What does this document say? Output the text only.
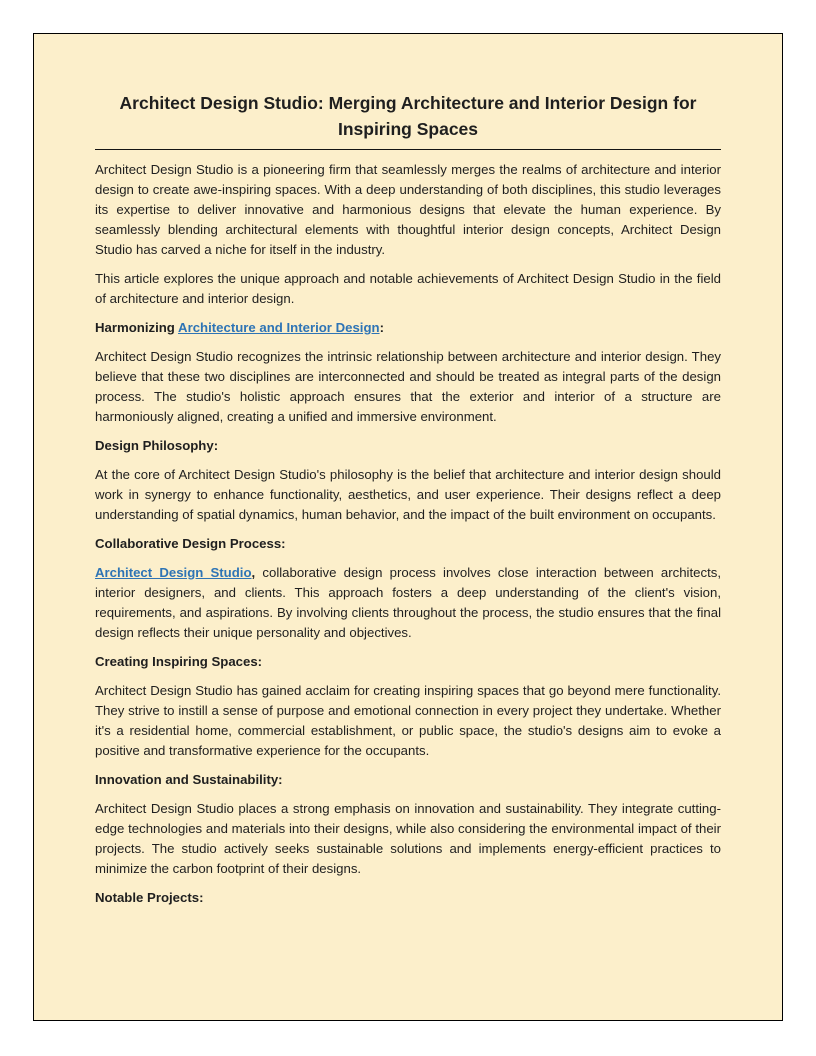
Architect Design Studio: Merging Architecture and Interior Design for Inspiring Spaces

Architect Design Studio is a pioneering firm that seamlessly merges the realms of architecture and interior design to create awe-inspiring spaces. With a deep understanding of both disciplines, this studio leverages its expertise to deliver innovative and harmonious designs that elevate the human experience. By seamlessly blending architectural elements with thoughtful interior design concepts, Architect Design Studio has carved a niche for itself in the industry.

This article explores the unique approach and notable achievements of Architect Design Studio in the field of architecture and interior design.

Harmonizing Architecture and Interior Design:

Architect Design Studio recognizes the intrinsic relationship between architecture and interior design. They believe that these two disciplines are interconnected and should be treated as integral parts of the design process. The studio's holistic approach ensures that the exterior and interior of a structure are harmoniously aligned, creating a unified and immersive environment.

Design Philosophy:

At the core of Architect Design Studio's philosophy is the belief that architecture and interior design should work in synergy to enhance functionality, aesthetics, and user experience. Their designs reflect a deep understanding of spatial dynamics, human behavior, and the impact of the built environment on occupants.

Collaborative Design Process:

Architect Design Studio, collaborative design process involves close interaction between architects, interior designers, and clients. This approach fosters a deep understanding of the client's vision, requirements, and aspirations. By involving clients throughout the process, the studio ensures that the final design reflects their unique personality and objectives.

Creating Inspiring Spaces:

Architect Design Studio has gained acclaim for creating inspiring spaces that go beyond mere functionality. They strive to instill a sense of purpose and emotional connection in every project they undertake. Whether it's a residential home, commercial establishment, or public space, the studio's designs aim to evoke a positive and transformative experience for the occupants.

Innovation and Sustainability:

Architect Design Studio places a strong emphasis on innovation and sustainability. They integrate cutting-edge technologies and materials into their designs, while also considering the environmental impact of their projects. The studio actively seeks sustainable solutions and implements energy-efficient practices to minimize the carbon footprint of their designs.

Notable Projects:
